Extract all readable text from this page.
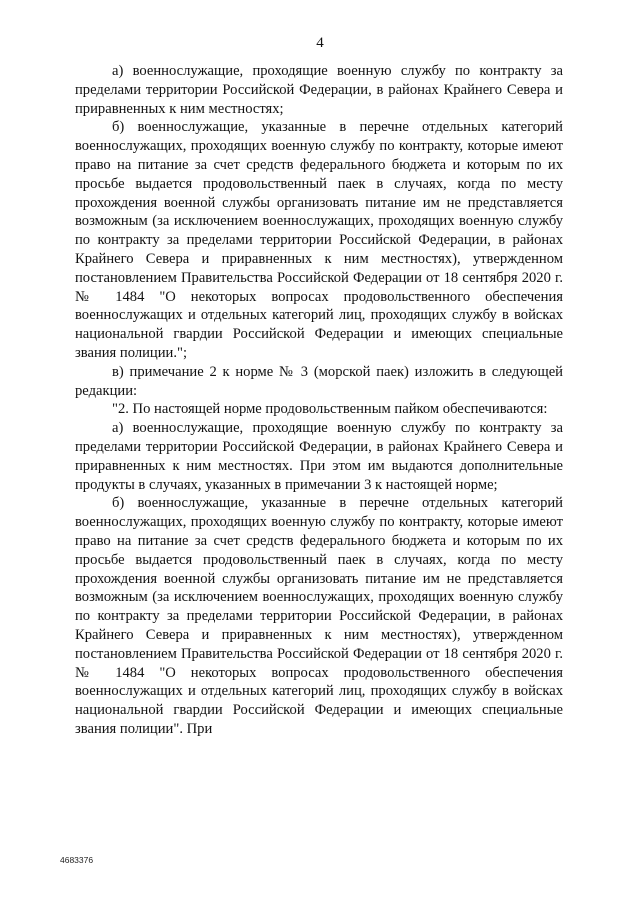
4

а) военнослужащие, проходящие военную службу по контракту за пределами территории Российской Федерации, в районах Крайнего Севера и приравненных к ним местностях;

б) военнослужащие, указанные в перечне отдельных категорий военнослужащих, проходящих военную службу по контракту, которые имеют право на питание за счет средств федерального бюджета и которым по их просьбе выдается продовольственный паек в случаях, когда по месту прохождения военной службы организовать питание им не представляется возможным (за исключением военнослужащих, проходящих военную службу по контракту за пределами территории Российской Федерации, в районах Крайнего Севера и приравненных к ним местностях), утвержденном постановлением Правительства Российской Федерации от 18 сентября 2020 г. № 1484 "О некоторых вопросах продовольственного обеспечения военнослужащих и отдельных категорий лиц, проходящих службу в войсках национальной гвардии Российской Федерации и имеющих специальные звания полиции.";

в) примечание 2 к норме № 3 (морской паек) изложить в следующей редакции:

"2. По настоящей норме продовольственным пайком обеспечиваются:

а) военнослужащие, проходящие военную службу по контракту за пределами территории Российской Федерации, в районах Крайнего Севера и приравненных к ним местностях. При этом им выдаются дополнительные продукты в случаях, указанных в примечании 3 к настоящей норме;

б) военнослужащие, указанные в перечне отдельных категорий военнослужащих, проходящих военную службу по контракту, которые имеют право на питание за счет средств федерального бюджета и которым по их просьбе выдается продовольственный паек в случаях, когда по месту прохождения военной службы организовать питание им не представляется возможным (за исключением военнослужащих, проходящих военную службу по контракту за пределами территории Российской Федерации, в районах Крайнего Севера и приравненных к ним местностях), утвержденном постановлением Правительства Российской Федерации от 18 сентября 2020 г. № 1484 "О некоторых вопросах продовольственного обеспечения военнослужащих и отдельных категорий лиц, проходящих службу в войсках национальной гвардии Российской Федерации и имеющих специальные звания полиции". При

4683376
